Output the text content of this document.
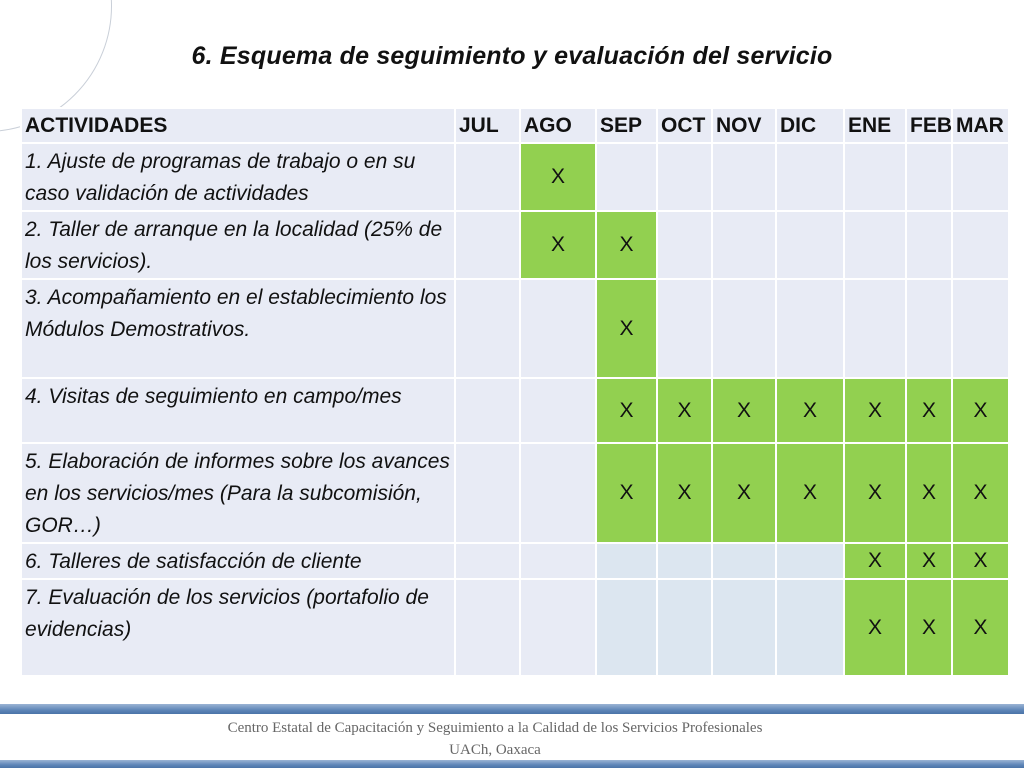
6. Esquema de seguimiento y evaluación del servicio
ACTIVIDADES	JUL	AGO	SEP	OCT	NOV	DIC	ENE	FEB	MAR
1. Ajuste de programas de trabajo o en su caso validación de actividades		X							
2. Taller de arranque en la localidad (25% de los servicios).		X	X						
3. Acompañamiento en el establecimiento los Módulos Demostrativos.			X						
4. Visitas de seguimiento en campo/mes			X	X	X	X	X	X	X
5. Elaboración de informes sobre los avances en los servicios/mes (Para la subcomisión, GOR…)			X	X	X	X	X	X	X
6. Talleres de satisfacción de cliente							X	X	X
7. Evaluación de los servicios (portafolio de evidencias)							X	X	X
Centro Estatal de Capacitación y Seguimiento a la Calidad de los Servicios Profesionales
UACh, Oaxaca
